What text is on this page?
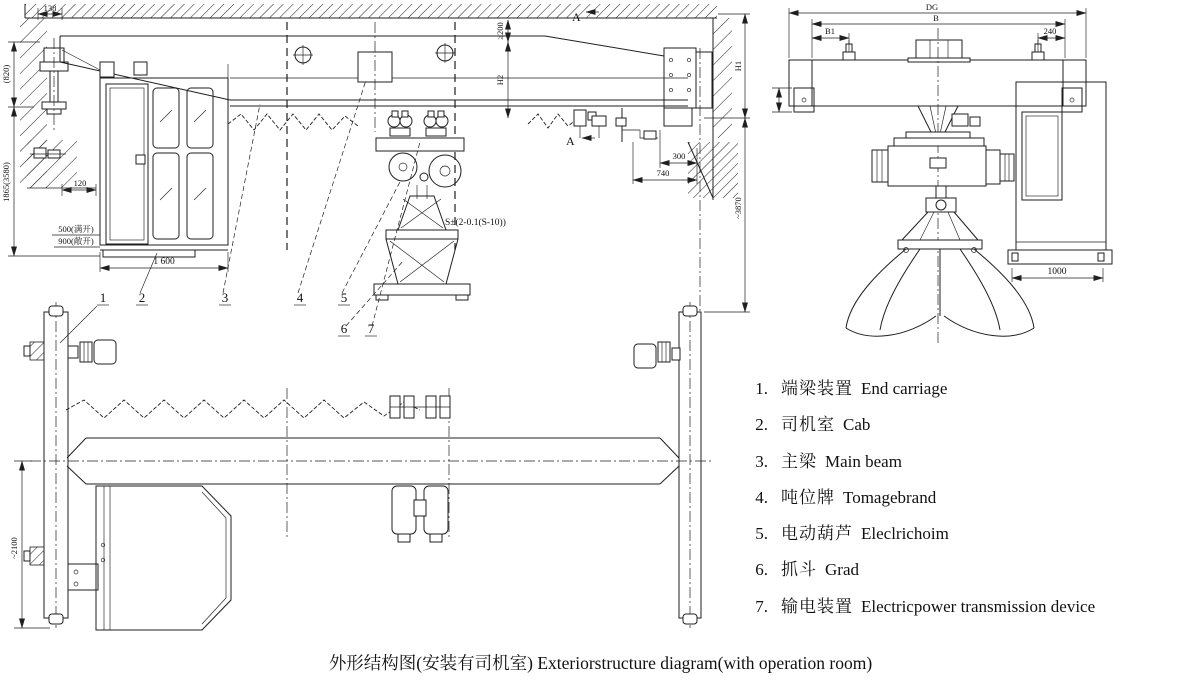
A
A
(820)
1865(3580)
138
120
500(满开)
900(敞开)
1 600
≥200
H2
H1
~3870
300
740
S±(2-0.1(S-10))
DG
B
B1	240
1000
~2100
1	2	3	4	5
6 7
1. 端梁装置 End carriage
2. 司机室 Cab
3. 主梁 Main beam
4. 吨位牌 Tomagebrand
5. 电动葫芦 Eleclrichoim
6. 抓斗 Grad
7. 输电装置 Electricpower transmission device
外形结构图(安装有司机室) Exteriorstructure diagram(with operation room)
